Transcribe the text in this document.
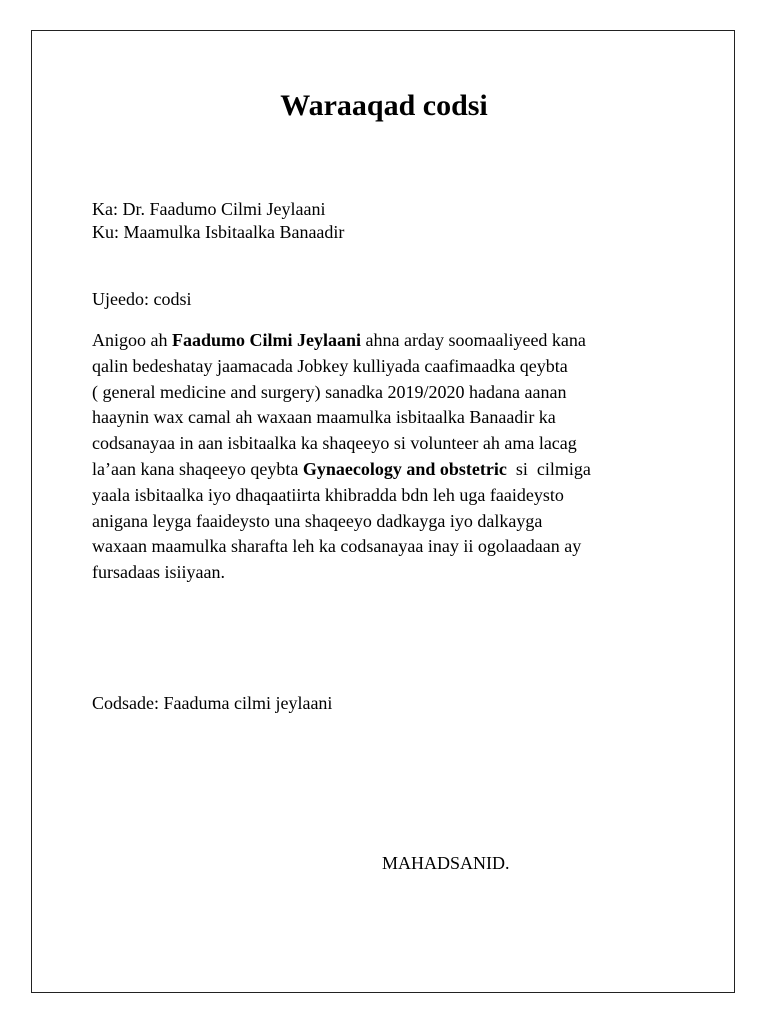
Waraaqad codsi
Ka: Dr. Faadumo Cilmi Jeylaani
Ku: Maamulka Isbitaalka Banaadir
Ujeedo: codsi
Anigoo ah Faadumo Cilmi Jeylaani ahna arday soomaaliyeed kana
qalin bedeshatay jaamacada Jobkey kulliyada caafimaadka qeybta
( general medicine and surgery) sanadka 2019/2020 hadana aanan
haaynin wax camal ah waxaan maamulka isbitaalka Banaadir ka
codsanayaa in aan isbitaalka ka shaqeeyo si volunteer ah ama lacag
la’aan kana shaqeeyo qeybta Gynaecology and obstetric  si  cilmiga
yaala isbitaalka iyo dhaqaatiirta khibradda bdn leh uga faaideysto
anigana leyga faaideysto una shaqeeyo dadkayga iyo dalkayga
waxaan maamulka sharafta leh ka codsanayaa inay ii ogolaadaan ay
fursadaas isiiyaan.
Codsade: Faaduma cilmi jeylaani
MAHADSANID.
